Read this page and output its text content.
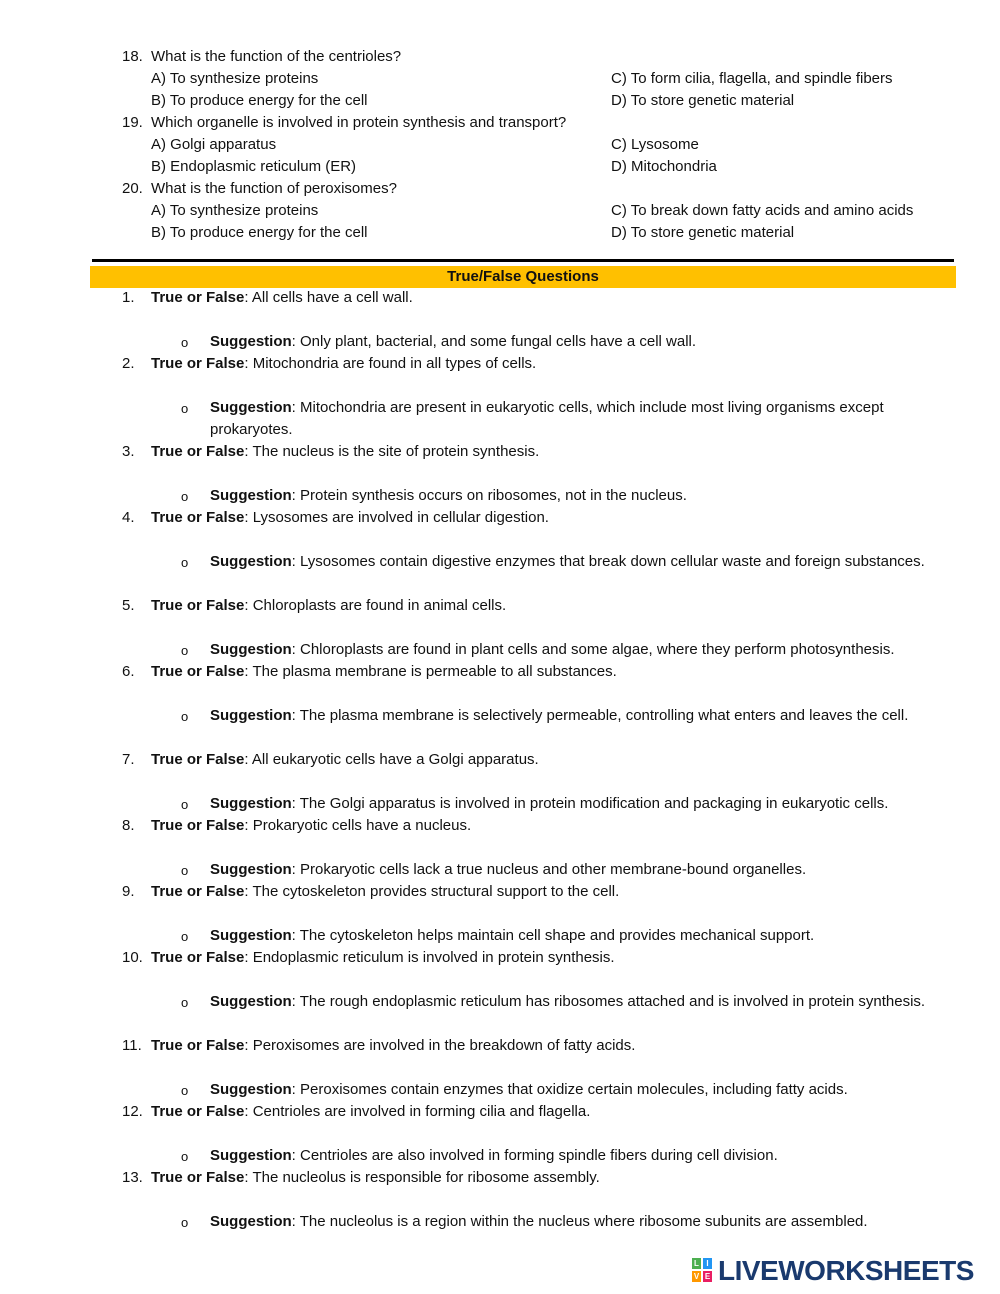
18. What is the function of the centrioles?
A) To synthesize proteins	C) To form cilia, flagella, and spindle fibers
B) To produce energy for the cell	D) To store genetic material
19. Which organelle is involved in protein synthesis and transport?
A) Golgi apparatus	C) Lysosome
B) Endoplasmic reticulum (ER)	D) Mitochondria
20. What is the function of peroxisomes?
A) To synthesize proteins	C) To break down fatty acids and amino acids
B) To produce energy for the cell	D) To store genetic material
True/False Questions
1. True or False: All cells have a cell wall.
o Suggestion: Only plant, bacterial, and some fungal cells have a cell wall.
2. True or False: Mitochondria are found in all types of cells.
o Suggestion: Mitochondria are present in eukaryotic cells, which include most living organisms except prokaryotes.
3. True or False: The nucleus is the site of protein synthesis.
o Suggestion: Protein synthesis occurs on ribosomes, not in the nucleus.
4. True or False: Lysosomes are involved in cellular digestion.
o Suggestion: Lysosomes contain digestive enzymes that break down cellular waste and foreign substances.
5. True or False: Chloroplasts are found in animal cells.
o Suggestion: Chloroplasts are found in plant cells and some algae, where they perform photosynthesis.
6. True or False: The plasma membrane is permeable to all substances.
o Suggestion: The plasma membrane is selectively permeable, controlling what enters and leaves the cell.
7. True or False: All eukaryotic cells have a Golgi apparatus.
o Suggestion: The Golgi apparatus is involved in protein modification and packaging in eukaryotic cells.
8. True or False: Prokaryotic cells have a nucleus.
o Suggestion: Prokaryotic cells lack a true nucleus and other membrane-bound organelles.
9. True or False: The cytoskeleton provides structural support to the cell.
o Suggestion: The cytoskeleton helps maintain cell shape and provides mechanical support.
10. True or False: Endoplasmic reticulum is involved in protein synthesis.
o Suggestion: The rough endoplasmic reticulum has ribosomes attached and is involved in protein synthesis.
11. True or False: Peroxisomes are involved in the breakdown of fatty acids.
o Suggestion: Peroxisomes contain enzymes that oxidize certain molecules, including fatty acids.
12. True or False: Centrioles are involved in forming cilia and flagella.
o Suggestion: Centrioles are also involved in forming spindle fibers during cell division.
13. True or False: The nucleolus is responsible for ribosome assembly.
o Suggestion: The nucleolus is a region within the nucleus where ribosome subunits are assembled.
L I
V E LIVEWORKSHEETS
